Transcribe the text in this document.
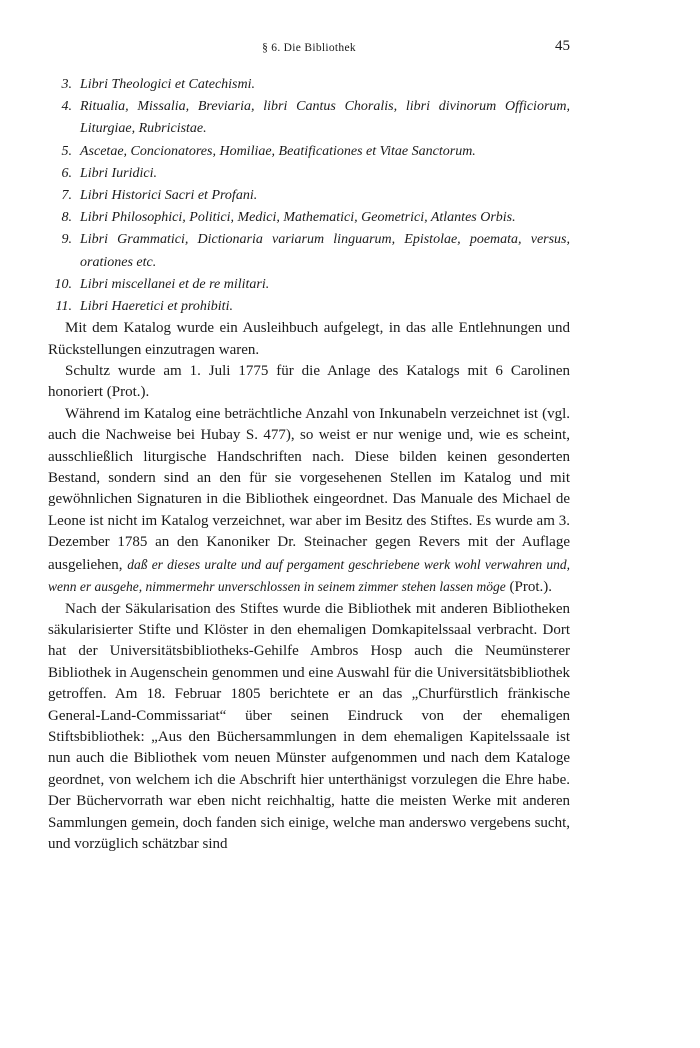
§ 6. Die Bibliothek	45
3. Libri Theologici et Catechismi.
4. Ritualia, Missalia, Breviaria, libri Cantus Choralis, libri divinorum Officiorum, Liturgiae, Rubricistae.
5. Ascetae, Concionatores, Homiliae, Beatificationes et Vitae Sanctorum.
6. Libri Iuridici.
7. Libri Historici Sacri et Profani.
8. Libri Philosophici, Politici, Medici, Mathematici, Geometrici, Atlantes Orbis.
9. Libri Grammatici, Dictionaria variarum linguarum, Epistolae, poemata, versus, orationes etc.
10. Libri miscellanei et de re militari.
11. Libri Haeretici et prohibiti.

Mit dem Katalog wurde ein Ausleihbuch aufgelegt, in das alle Entlehnungen und Rückstellungen einzutragen waren.

Schultz wurde am 1. Juli 1775 für die Anlage des Katalogs mit 6 Carolinen honoriert (Prot.).

Während im Katalog eine beträchtliche Anzahl von Inkunabeln verzeichnet ist (vgl. auch die Nachweise bei Hubay S. 477), so weist er nur wenige und, wie es scheint, ausschließlich liturgische Handschriften nach. Diese bilden keinen gesonderten Bestand, sondern sind an den für sie vorgesehenen Stellen im Katalog und mit gewöhnlichen Signaturen in die Bibliothek eingeordnet. Das Manuale des Michael de Leone ist nicht im Katalog verzeichnet, war aber im Besitz des Stiftes. Es wurde am 3. Dezember 1785 an den Kanoniker Dr. Steinacher gegen Revers mit der Auflage ausgeliehen, daß er dieses uralte und auf pergament geschriebene werk wohl verwahren und, wenn er ausgehe, nimmermehr unverschlossen in seinem zimmer stehen lassen möge (Prot.).

Nach der Säkularisation des Stiftes wurde die Bibliothek mit anderen Bibliotheken säkularisierter Stifte und Klöster in den ehemaligen Domkapitelssaal verbracht. Dort hat der Universitätsbibliotheks-Gehilfe Ambros Hosp auch die Neumünsterer Bibliothek in Augenschein genommen und eine Auswahl für die Universitätsbibliothek getroffen. Am 18. Februar 1805 berichtete er an das „Churfürstlich fränkische General-Land-Commissariat“ über seinen Eindruck von der ehemaligen Stiftsbibliothek: „Aus den Büchersammlungen in dem ehemaligen Kapitelssaale ist nun auch die Bibliothek vom neuen Münster aufgenommen und nach dem Kataloge geordnet, von welchem ich die Abschrift hier unterthänigst vorzulegen die Ehre habe. Der Büchervorrath war eben nicht reichhaltig, hatte die meisten Werke mit anderen Sammlungen gemein, doch fanden sich einige, welche man anderswo vergebens sucht, und vorzüglich schätzbar sind
